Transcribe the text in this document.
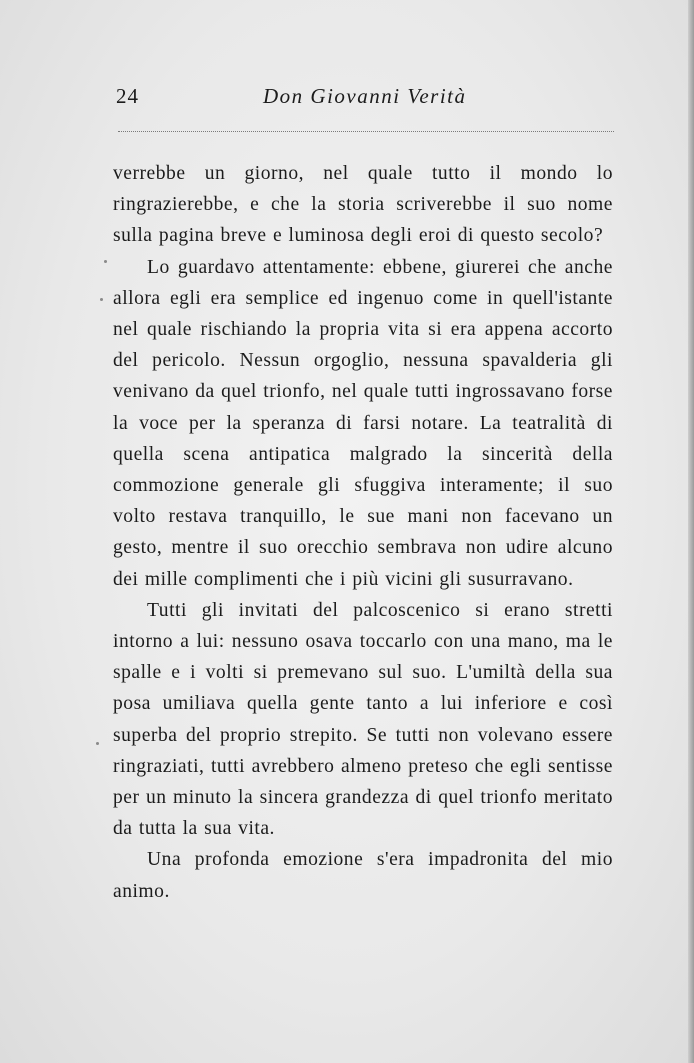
24	Don Giovanni Verità

verrebbe un giorno, nel quale tutto il mondo lo ringrazierebbe, e che la storia scriverebbe il suo nome sulla pagina breve e luminosa degli eroi di questo secolo?

Lo guardavo attentamente: ebbene, giurerei che anche allora egli era semplice ed ingenuo come in quell'istante nel quale rischiando la propria vita si era appena accorto del pericolo. Nessun orgoglio, nessuna spavalderia gli venivano da quel trionfo, nel quale tutti ingrossavano forse la voce per la speranza di farsi notare. La teatralità di quella scena antipatica malgrado la sincerità della commozione generale gli sfuggiva interamente; il suo volto restava tranquillo, le sue mani non facevano un gesto, mentre il suo orecchio sembrava non udire alcuno dei mille complimenti che i più vicini gli susurravano.

Tutti gli invitati del palcoscenico si erano stretti intorno a lui: nessuno osava toccarlo con una mano, ma le spalle e i volti si premevano sul suo. L'umiltà della sua posa umiliava quella gente tanto a lui inferiore e così superba del proprio strepito. Se tutti non volevano essere ringraziati, tutti avrebbero almeno preteso che egli sentisse per un minuto la sincera grandezza di quel trionfo meritato da tutta la sua vita.

Una profonda emozione s'era impadronita del mio animo.
